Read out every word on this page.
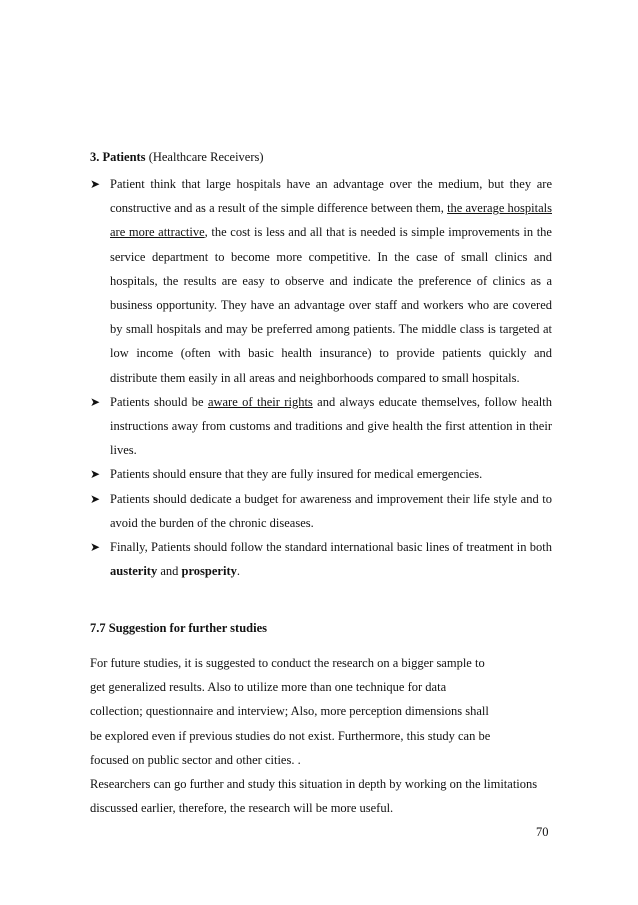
3. Patients (Healthcare Receivers)
➤ Patient think that large hospitals have an advantage over the medium, but they are constructive and as a result of the simple difference between them, the average hospitals are more attractive, the cost is less and all that is needed is simple improvements in the service department to become more competitive. In the case of small clinics and hospitals, the results are easy to observe and indicate the preference of clinics as a business opportunity. They have an advantage over staff and workers who are covered by small hospitals and may be preferred among patients. The middle class is targeted at low income (often with basic health insurance) to provide patients quickly and distribute them easily in all areas and neighborhoods compared to small hospitals.
➤ Patients should be aware of their rights and always educate themselves, follow health instructions away from customs and traditions and give health the first attention in their lives.
➤ Patients should ensure that they are fully insured for medical emergencies.
➤ Patients should dedicate a budget for awareness and improvement their life style and to avoid the burden of the chronic diseases.
➤ Finally, Patients should follow the standard international basic lines of treatment in both austerity and prosperity.
7.7 Suggestion for further studies

For future studies, it is suggested to conduct the research on a bigger sample to get generalized results. Also to utilize more than one technique for data collection; questionnaire and interview; Also, more perception dimensions shall be explored even if previous studies do not exist. Furthermore, this study can be focused on public sector and other cities. .

Researchers can go further and study this situation in depth by working on the limitations discussed earlier, therefore, the research will be more useful.

70
